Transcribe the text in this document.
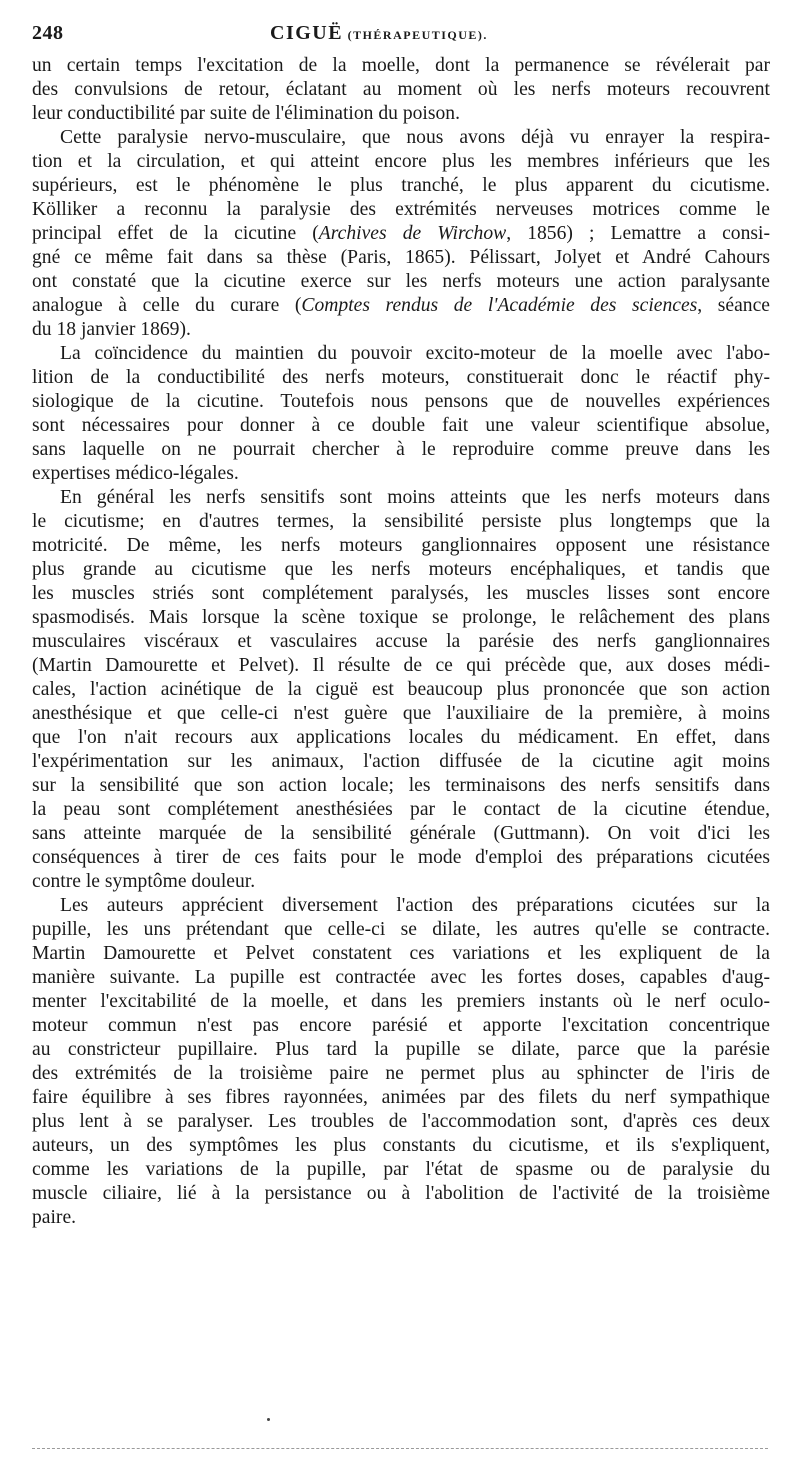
248	CIGUË (THÉRAPEUTIQUE).
un certain temps l'excitation de la moelle, dont la permanence se révélerait par
des convulsions de retour, éclatant au moment où les nerfs moteurs recouvrent
leur conductibilité par suite de l'élimination du poison.
Cette paralysie nervo-musculaire, que nous avons déjà vu enrayer la respira-
tion et la circulation, et qui atteint encore plus les membres inférieurs que les
supérieurs, est le phénomène le plus tranché, le plus apparent du cicutisme.
Kölliker a reconnu la paralysie des extrémités nerveuses motrices comme le
principal effet de la cicutine (Archives de Wirchow, 1856) ; Lemattre a consi-
gné ce même fait dans sa thèse (Paris, 1865). Pélissart, Jolyet et André Cahours
ont constaté que la cicutine exerce sur les nerfs moteurs une action paralysante
analogue à celle du curare (Comptes rendus de l'Académie des sciences, séance
du 18 janvier 1869).
La coïncidence du maintien du pouvoir excito-moteur de la moelle avec l'abo-
lition de la conductibilité des nerfs moteurs, constituerait donc le réactif phy-
siologique de la cicutine. Toutefois nous pensons que de nouvelles expériences
sont nécessaires pour donner à ce double fait une valeur scientifique absolue,
sans laquelle on ne pourrait chercher à le reproduire comme preuve dans les
expertises médico-légales.
En général les nerfs sensitifs sont moins atteints que les nerfs moteurs dans
le cicutisme; en d'autres termes, la sensibilité persiste plus longtemps que la
motricité. De même, les nerfs moteurs ganglionnaires opposent une résistance
plus grande au cicutisme que les nerfs moteurs encéphaliques, et tandis que
les muscles striés sont complétement paralysés, les muscles lisses sont encore
spasmodisés. Mais lorsque la scène toxique se prolonge, le relâchement des plans
musculaires viscéraux et vasculaires accuse la parésie des nerfs ganglionnaires
(Martin Damourette et Pelvet). Il résulte de ce qui précède que, aux doses médi-
cales, l'action acinétique de la ciguë est beaucoup plus prononcée que son action
anesthésique et que celle-ci n'est guère que l'auxiliaire de la première, à moins
que l'on n'ait recours aux applications locales du médicament. En effet, dans
l'expérimentation sur les animaux, l'action diffusée de la cicutine agit moins
sur la sensibilité que son action locale; les terminaisons des nerfs sensitifs dans
la peau sont complétement anesthésiées par le contact de la cicutine étendue,
sans atteinte marquée de la sensibilité générale (Guttmann). On voit d'ici les
conséquences à tirer de ces faits pour le mode d'emploi des préparations cicutées
contre le symptôme douleur.
Les auteurs apprécient diversement l'action des préparations cicutées sur la
pupille, les uns prétendant que celle-ci se dilate, les autres qu'elle se contracte.
Martin Damourette et Pelvet constatent ces variations et les expliquent de la
manière suivante. La pupille est contractée avec les fortes doses, capables d'aug-
menter l'excitabilité de la moelle, et dans les premiers instants où le nerf oculo-
moteur commun n'est pas encore parésié et apporte l'excitation concentrique
au constricteur pupillaire. Plus tard la pupille se dilate, parce que la parésie
des extrémités de la troisième paire ne permet plus au sphincter de l'iris de
faire équilibre à ses fibres rayonnées, animées par des filets du nerf sympathique
plus lent à se paralyser. Les troubles de l'accommodation sont, d'après ces deux
auteurs, un des symptômes les plus constants du cicutisme, et ils s'expliquent,
comme les variations de la pupille, par l'état de spasme ou de paralysie du
muscle ciliaire, lié à la persistance ou à l'abolition de l'activité de la troisième
paire.
